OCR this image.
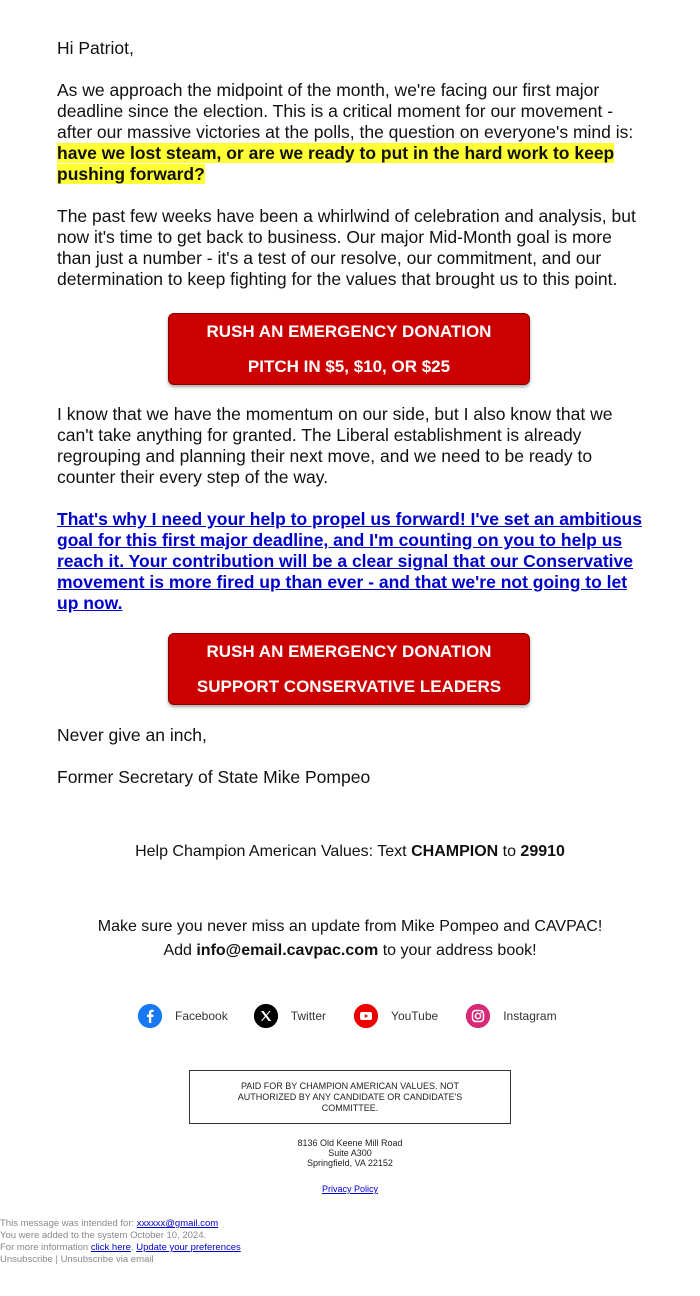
Hi Patriot,

As we approach the midpoint of the month, we're facing our first major deadline since the election. This is a critical moment for our movement - after our massive victories at the polls, the question on everyone's mind is: have we lost steam, or are we ready to put in the hard work to keep pushing forward?

The past few weeks have been a whirlwind of celebration and analysis, but now it's time to get back to business. Our major Mid-Month goal is more than just a number - it's a test of our resolve, our commitment, and our determination to keep fighting for the values that brought us to this point.

RUSH AN EMERGENCY DONATION
PITCH IN $5, $10, OR $25

I know that we have the momentum on our side, but I also know that we can't take anything for granted. The Liberal establishment is already regrouping and planning their next move, and we need to be ready to counter their every step of the way.

That's why I need your help to propel us forward! I've set an ambitious goal for this first major deadline, and I'm counting on you to help us reach it. Your contribution will be a clear signal that our Conservative movement is more fired up than ever - and that we're not going to let up now.

RUSH AN EMERGENCY DONATION
SUPPORT CONSERVATIVE LEADERS

Never give an inch,

Former Secretary of State Mike Pompeo

Help Champion American Values: Text CHAMPION to 29910
Make sure you never miss an update from Mike Pompeo and CAVPAC!
Add info@email.cavpac.com to your address book!
Facebook	Twitter	YouTube	Instagram
PAID FOR BY CHAMPION AMERICAN VALUES. NOT AUTHORIZED BY ANY CANDIDATE OR CANDIDATE'S COMMITTEE.
8136 Old Keene Mill Road
Suite A300
Springfield, VA 22152
Privacy Policy
This message was intended for: xxxxxx@gmail.com
You were added to the system October 10, 2024.
For more information click here. Update your preferences
Unsubscribe | Unsubscribe via email
